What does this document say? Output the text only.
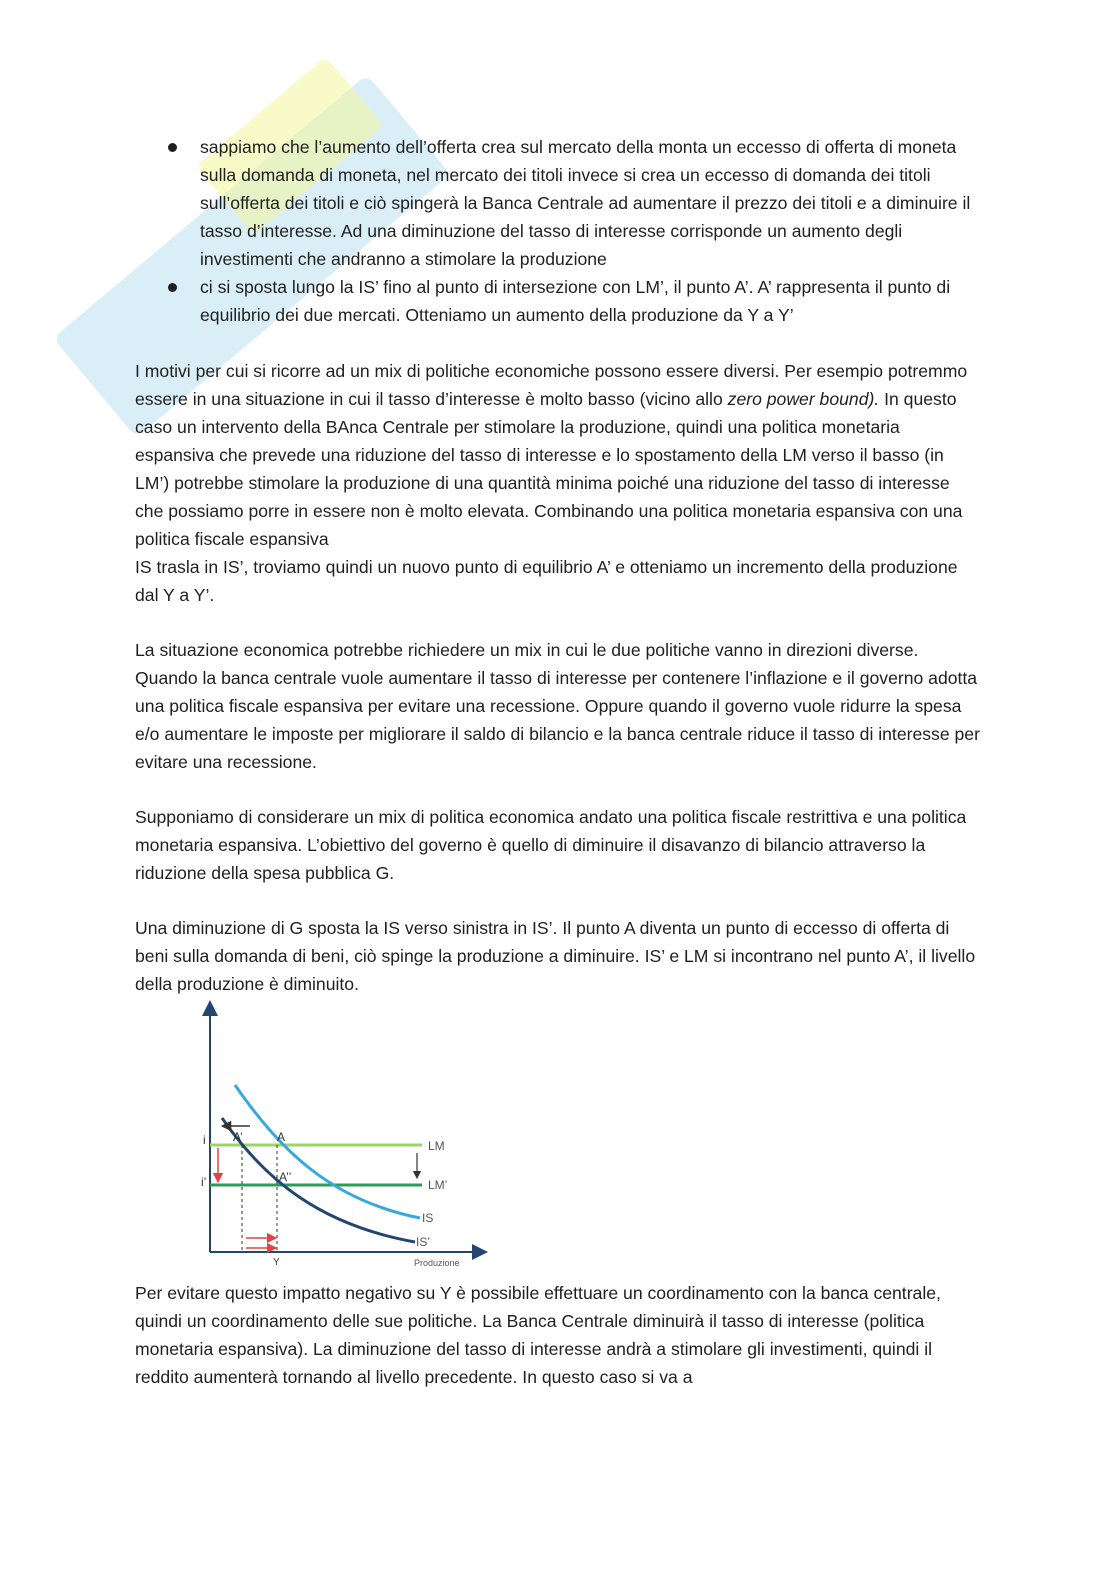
sappiamo che l’aumento dell’offerta crea sul mercato della monta un eccesso di offerta di moneta sulla domanda di moneta, nel mercato dei titoli invece si crea un eccesso di domanda dei titoli sull’offerta dei titoli e ciò spingerà la Banca Centrale ad aumentare il prezzo dei titoli e a diminuire il tasso d’interesse. Ad una diminuzione del tasso di interesse corrisponde un aumento degli investimenti che andranno a stimolare la produzione
ci si sposta lungo la IS’ fino al punto di intersezione con LM’, il punto A’. A’ rappresenta il punto di equilibrio dei due mercati. Otteniamo un aumento della produzione da Y a Y’

I motivi per cui si ricorre ad un mix di politiche economiche possono essere diversi. Per esempio potremmo essere in una situazione in cui il tasso d’interesse è molto basso (vicino allo zero power bound). In questo caso un intervento della BAnca Centrale per stimolare la produzione, quindi una politica monetaria espansiva che prevede una riduzione del tasso di interesse e lo spostamento della LM verso il basso (in LM’) potrebbe stimolare la produzione di una quantità minima poiché una riduzione del tasso di interesse che possiamo porre in essere non è molto elevata. Combinando una politica monetaria espansiva con una politica fiscale espansiva

IS trasla in IS’, troviamo quindi un nuovo punto di equilibrio A’ e otteniamo un incremento della produzione dal Y a Y’.

La situazione economica potrebbe richiedere un mix in cui le due politiche vanno in direzioni diverse. Quando la banca centrale vuole aumentare il tasso di interesse per contenere l’inflazione e il governo adotta una politica fiscale espansiva per evitare una recessione. Oppure quando il governo vuole ridurre la spesa e/o aumentare le imposte per migliorare il saldo di bilancio e la banca centrale riduce il tasso di interesse per evitare una recessione.

Supponiamo di considerare un mix di politica economica andato una politica fiscale restrittiva e una politica monetaria espansiva. L’obiettivo del governo è quello di diminuire il disavanzo di bilancio attraverso la riduzione della spesa pubblica G.

Una diminuzione di G sposta la IS verso sinistra in IS’. Il punto A diventa un punto di eccesso di offerta di beni sulla domanda di beni, ciò spinge la produzione a diminuire. IS’ e LM si incontrano nel punto A’, il livello della produzione è diminuito.

i
i’
A’	A
A’’
LM
LM’
IS
IS’
Y	Produzione

Per evitare questo impatto negativo su Y è possibile effettuare un coordinamento con la banca centrale, quindi un coordinamento delle sue politiche. La Banca Centrale diminuirà il tasso di interesse (politica monetaria espansiva). La diminuzione del tasso di interesse andrà a stimolare gli investimenti, quindi il reddito aumenterà tornando al livello precedente. In questo caso si va a
